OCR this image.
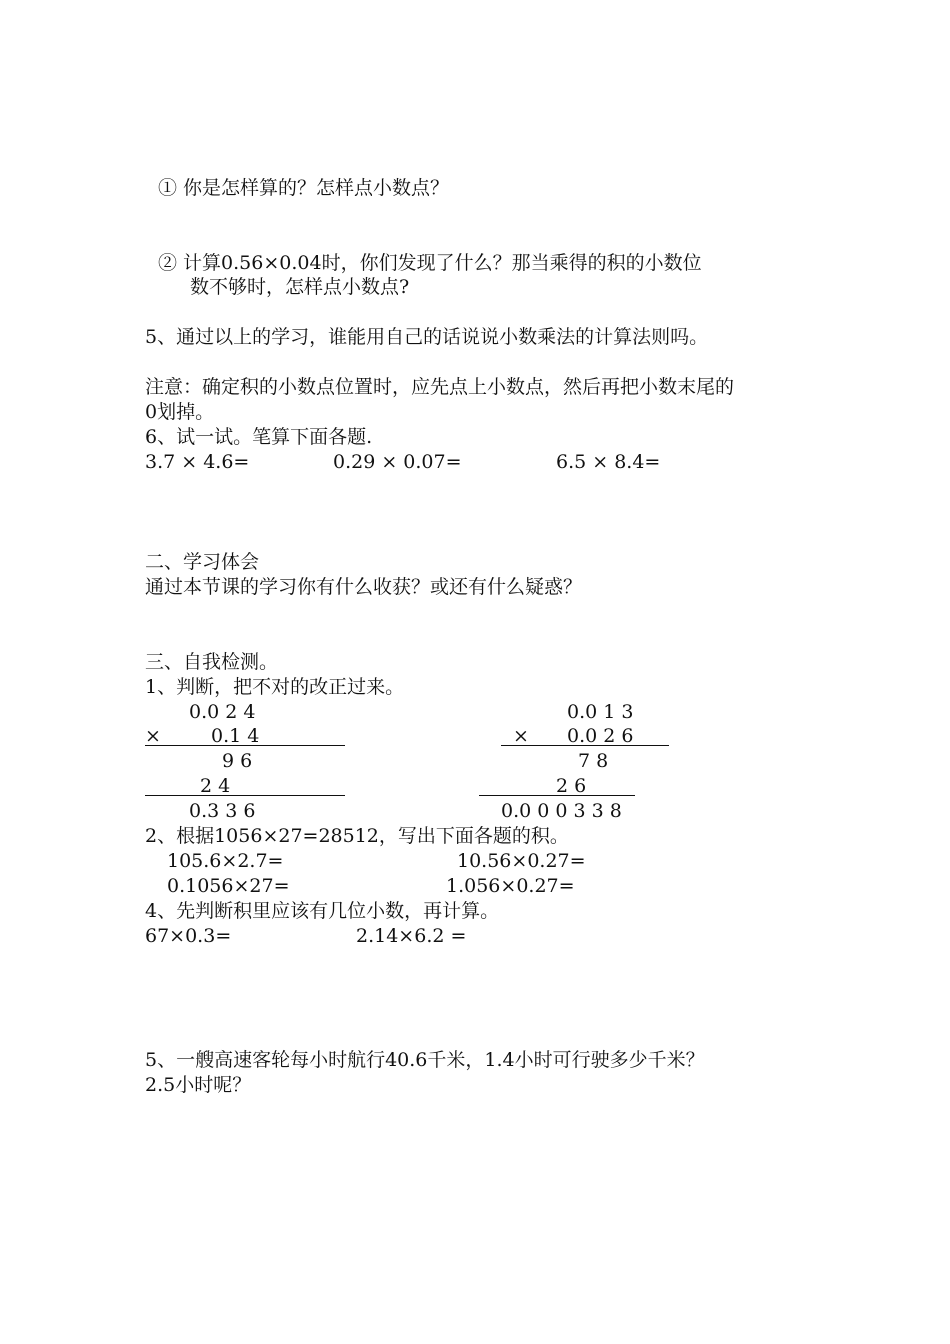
① 你是怎样算的？怎样点小数点？
② 计算0.56×0.04时，你们发现了什么？那当乘得的积的小数位
数不够时，怎样点小数点?
5、通过以上的学习，谁能用自己的话说说小数乘法的计算法则吗。
注意：确定积的小数点位置时，应先点上小数点，然后再把小数末尾的
0划掉。
6、试一试。笔算下面各题.
3.7 × 4.6=	0.29 × 0.07=	6.5 × 8.4=
二、学习体会
通过本节课的学习你有什么收获？或还有什么疑惑？
三、自我检测。
1、判断，把不对的改正过来。
0.0 2 4
×	0.1 4
9 6
2 4
0.3 3 6
0.0 1 3
× 0.0 2 6
7 8
2 6
0.0 0 0 3 3 8
2、根据1056×27=28512，写出下面各题的积。
105.6×2.7=	10.56×0.27=
0.1056×27=	1.056×0.27=
4、先判断积里应该有几位小数，再计算。
67×0.3=	2.14×6.2 =
5、一艘高速客轮每小时航行40.6千米，1.4小时可行驶多少千米？
2.5小时呢？
